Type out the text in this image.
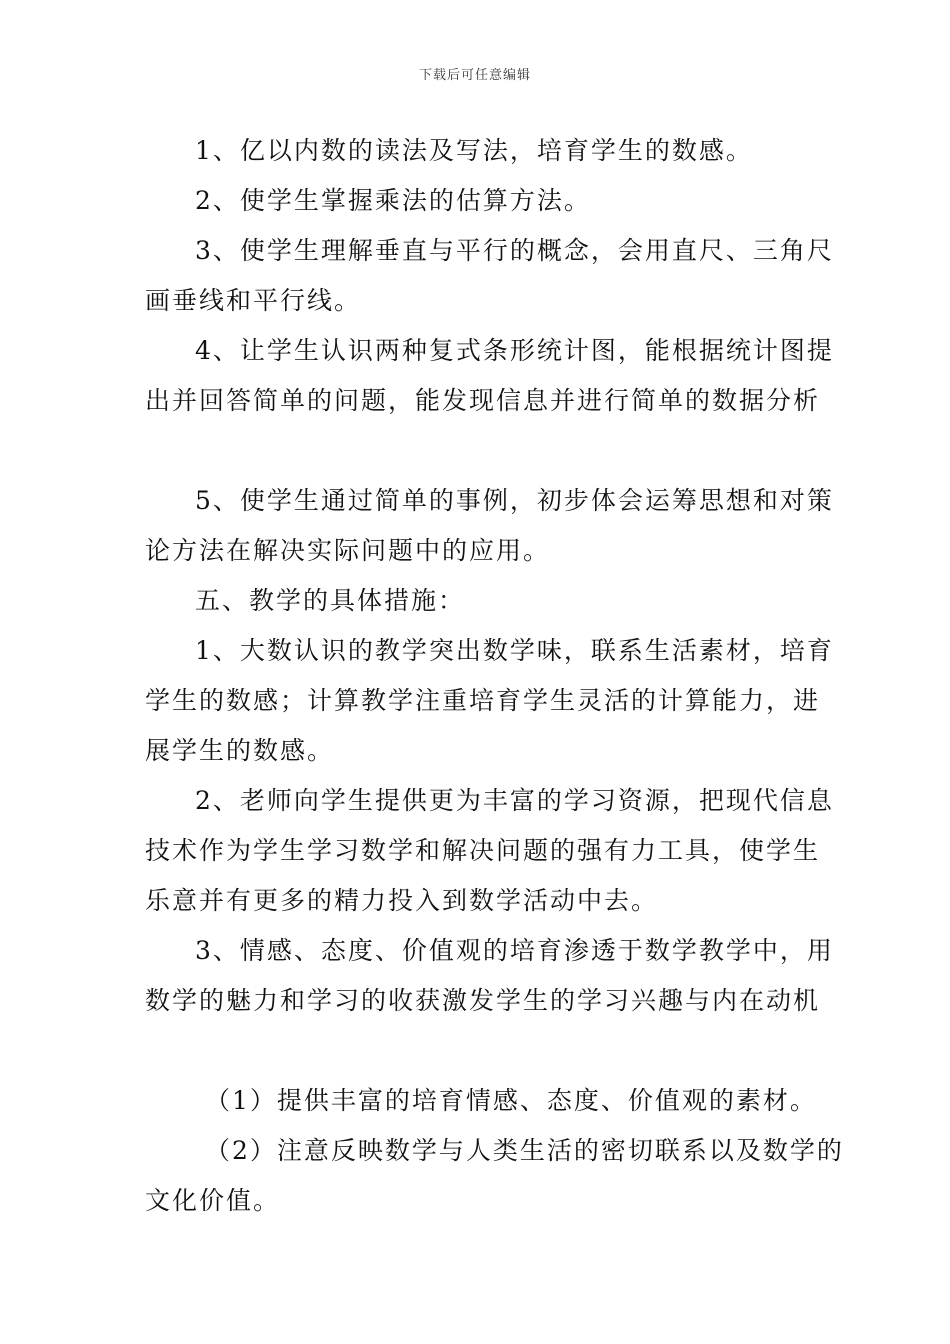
下载后可任意编辑
1、亿以内数的读法及写法，培育学生的数感。
2、使学生掌握乘法的估算方法。
3、使学生理解垂直与平行的概念，会用直尺、三角尺
画垂线和平行线。
4、让学生认识两种复式条形统计图，能根据统计图提
出并回答简单的问题，能发现信息并进行简单的数据分析
5、使学生通过简单的事例，初步体会运筹思想和对策
论方法在解决实际问题中的应用。
五、教学的具体措施：
1、大数认识的教学突出数学味，联系生活素材，培育
学生的数感；计算教学注重培育学生灵活的计算能力，进
展学生的数感。
2、老师向学生提供更为丰富的学习资源，把现代信息
技术作为学生学习数学和解决问题的强有力工具，使学生
乐意并有更多的精力投入到数学活动中去。
3、情感、态度、价值观的培育渗透于数学教学中，用
数学的魅力和学习的收获激发学生的学习兴趣与内在动机
（1）提供丰富的培育情感、态度、价值观的素材。
（2）注意反映数学与人类生活的密切联系以及数学的
文化价值。
